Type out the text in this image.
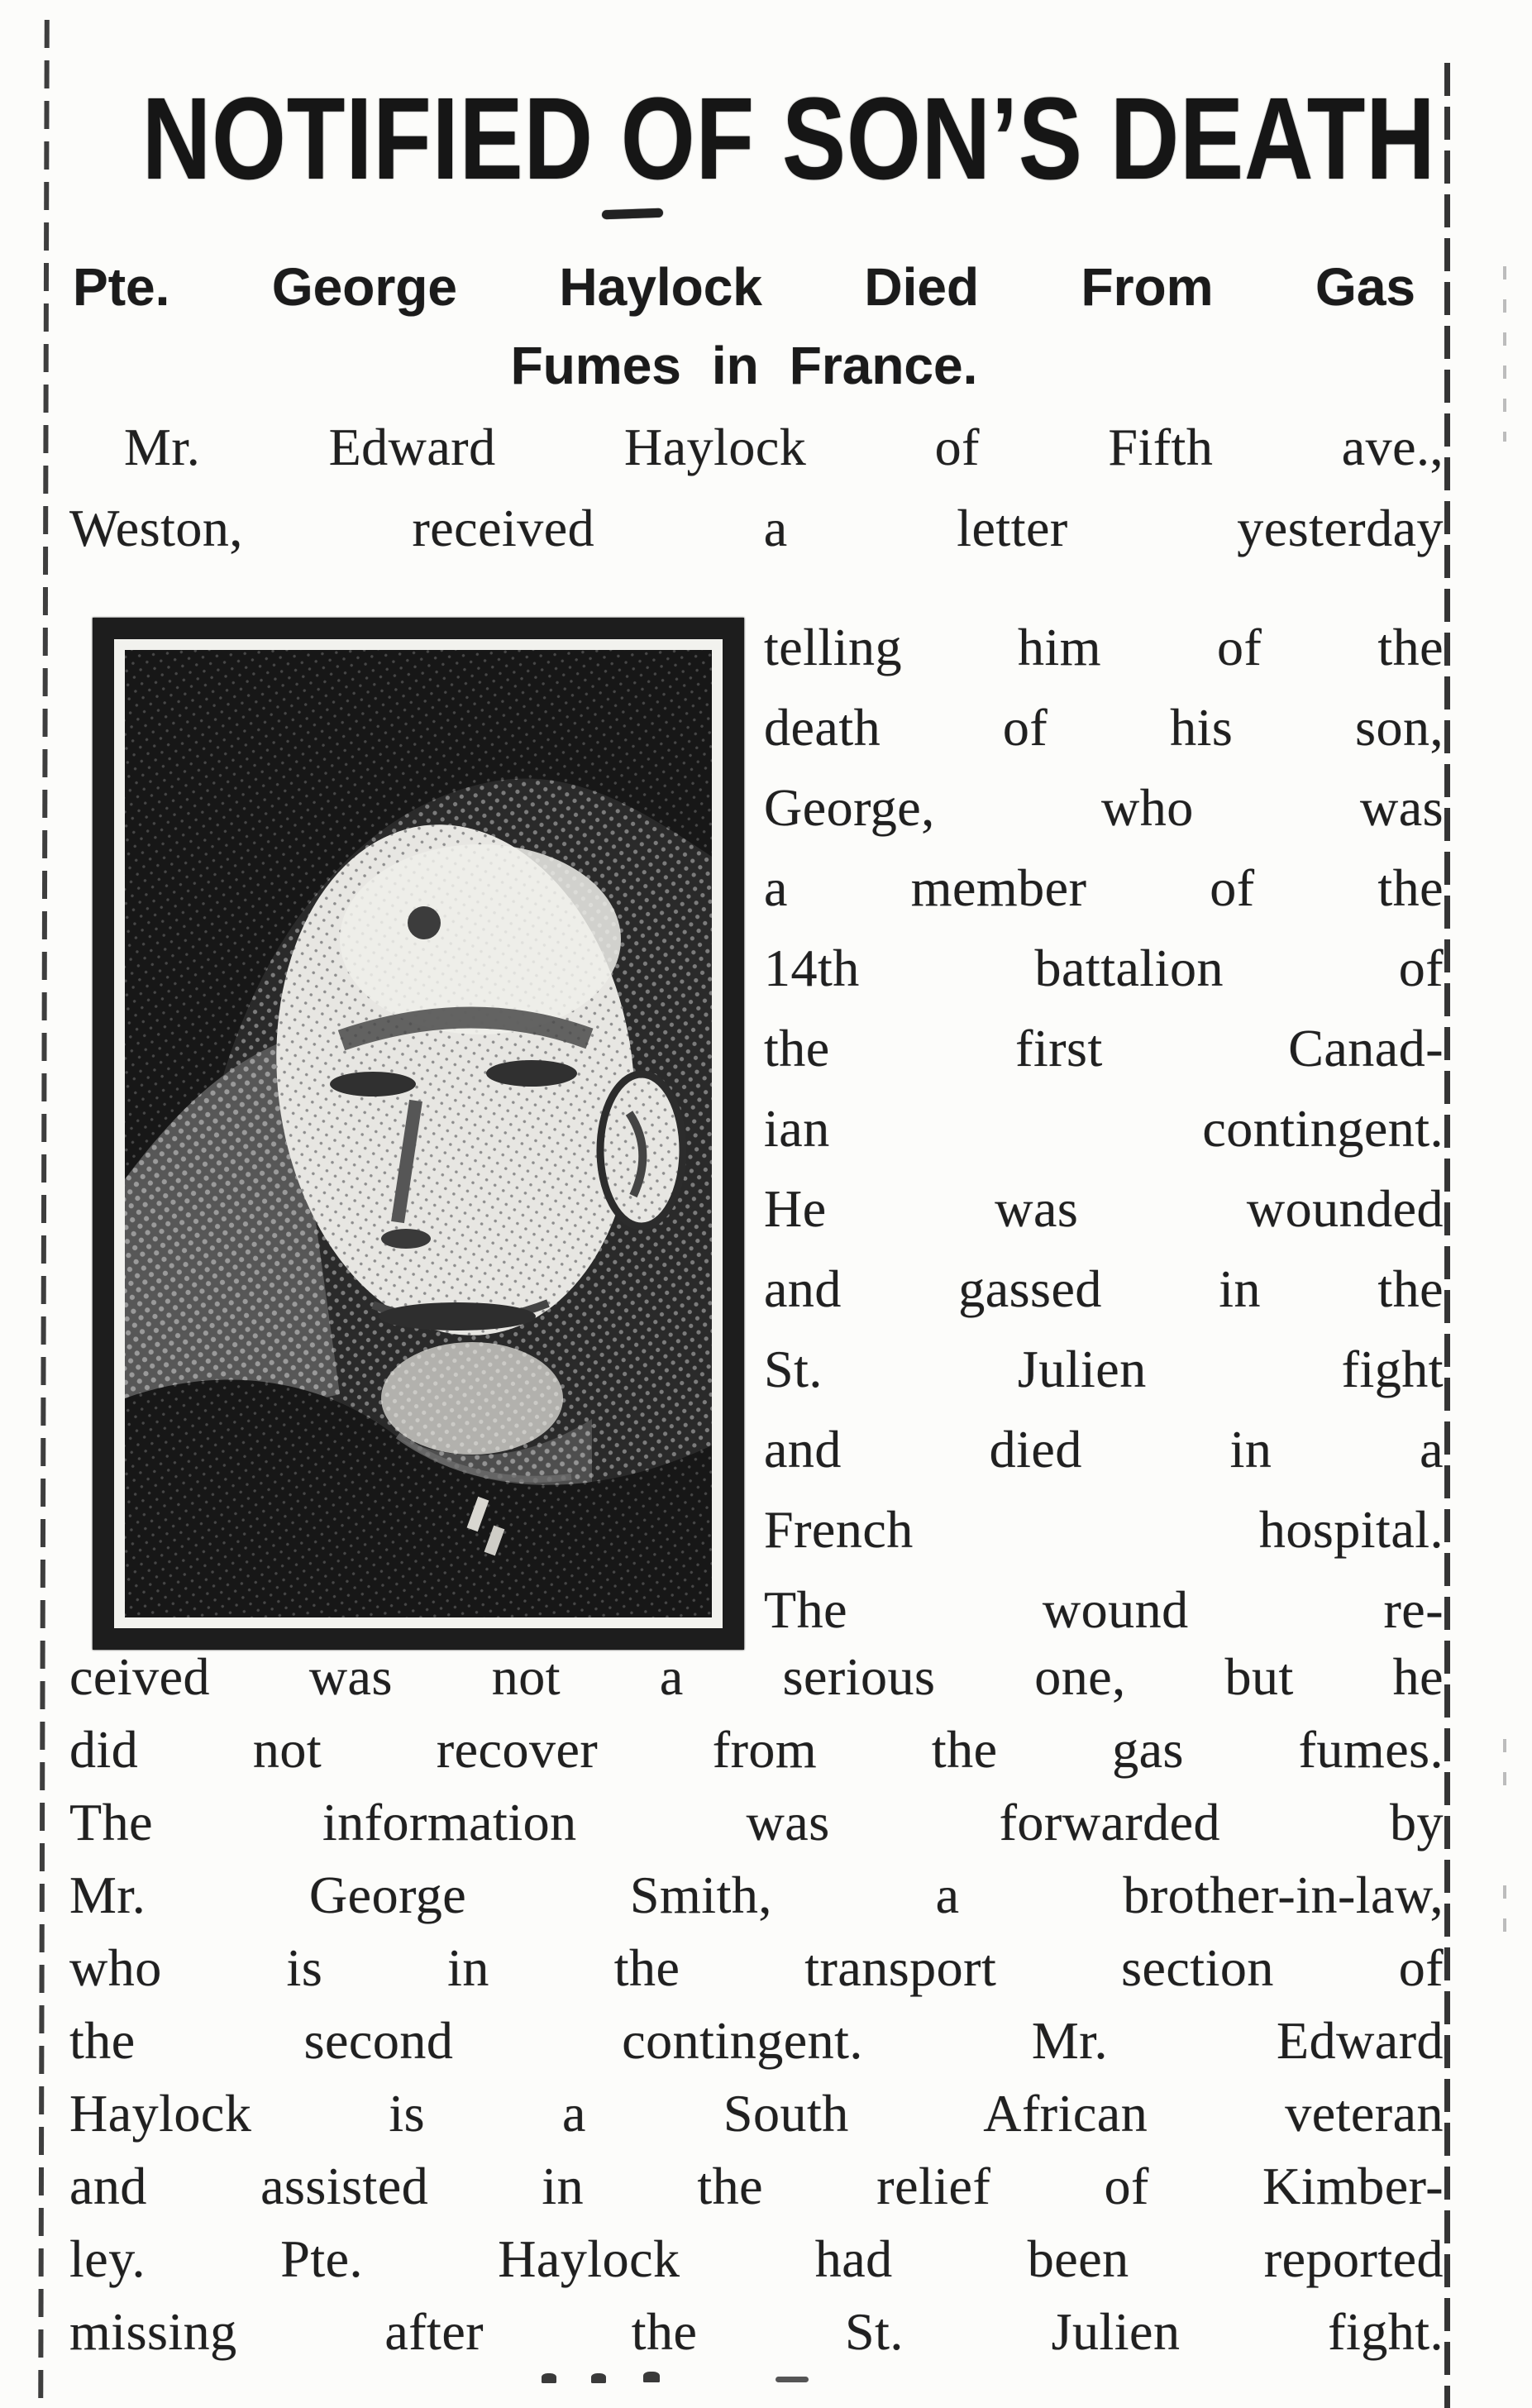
NOTIFIED OF SON’S DEATH
Pte. George Haylock Died From Gas
Fumes in France.
Mr. Edward Haylock of Fifth ave.,
Weston, received a letter yesterday
telling him of the
death of his son,
George, who was
a member of the
14th battalion of
the first Canad-
ian contingent.
He was wounded
and gassed in the
St. Julien fight
and died in a
French hospital.
The wound re-
ceived was not a serious one, but he
did not recover from the gas fumes.
The information was forwarded by
Mr. George Smith, a brother-in-law,
who is in the transport section of
the second contingent. Mr. Edward
Haylock is a South African veteran
and assisted in the relief of Kimber-
ley. Pte. Haylock had been reported
missing after the St. Julien fight.
